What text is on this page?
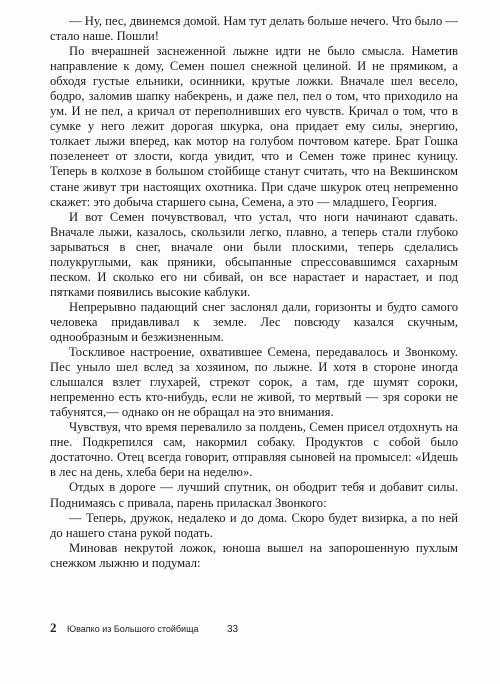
— Ну, пес, двинемся домой. Нам тут делать больше нечего. Что было — стало наше. Пошли!

По вчерашней заснеженной лыжне идти не было смысла. Наметив направление к дому, Семен пошел снежной целиной. И не прямиком, а обходя густые ельники, осинники, крутые ложки. Вначале шел весело, бодро, заломив шапку набекрень, и даже пел, пел о том, что приходило на ум. И не пел, а кричал от переполнивших его чувств. Кричал о том, что в сумке у него лежит дорогая шкурка, она придает ему силы, энергию, толкает лыжи вперед, как мотор на голубом почтовом катере. Брат Гошка позеленеет от злости, когда увидит, что и Семен тоже принес куницу. Теперь в колхозе в большом стойбище станут считать, что на Векшинском стане живут три настоящих охотника. При сдаче шкурок отец непременно скажет: это добыча старшего сына, Семена, а это — младшего, Георгия.

И вот Семен почувствовал, что устал, что ноги начинают сдавать. Вначале лыжи, казалось, скользили легко, плавно, а теперь стали глубоко зарываться в снег, вначале они были плоскими, теперь сделались полукруглыми, как пряники, обсыпанные спрессовавшимся сахарным песком. И сколько его ни сбивай, он все нарастает и нарастает, и под пятками появились высокие каблуки.

Непрерывно падающий снег заслонял дали, горизонты и будто самого человека придавливал к земле. Лес повсюду казался скучным, однообразным и безжизненным.

Тоскливое настроение, охватившее Семена, передавалось и Звонкому. Пес уныло шел вслед за хозяином, по лыжне. И хотя в стороне иногда слышался взлет глухарей, стрекот сорок, а там, где шумят сороки, непременно есть кто-нибудь, если не живой, то мертвый — зря сороки не табунятся,— однако он не обращал на это внимания.

Чувствуя, что время перевалило за полдень, Семен присел отдохнуть на пне. Подкрепился сам, накормил собаку. Продуктов с собой было достаточно. Отец всегда говорит, отправляя сыновей на промысел: «Идешь в лес на день, хлеба бери на неделю».

Отдых в дороге — лучший спутник, он ободрит тебя и добавит силы. Поднимаясь с привала, парень приласкал Звонкого:

— Теперь, дружок, недалеко и до дома. Скоро будет визирка, а по ней до нашего стана рукой подать.

Миновав некрутой ложок, юноша вышел на запорошенную пухлым снежком лыжню и подумал:

2 Ювапко из Большого стойбища	33
